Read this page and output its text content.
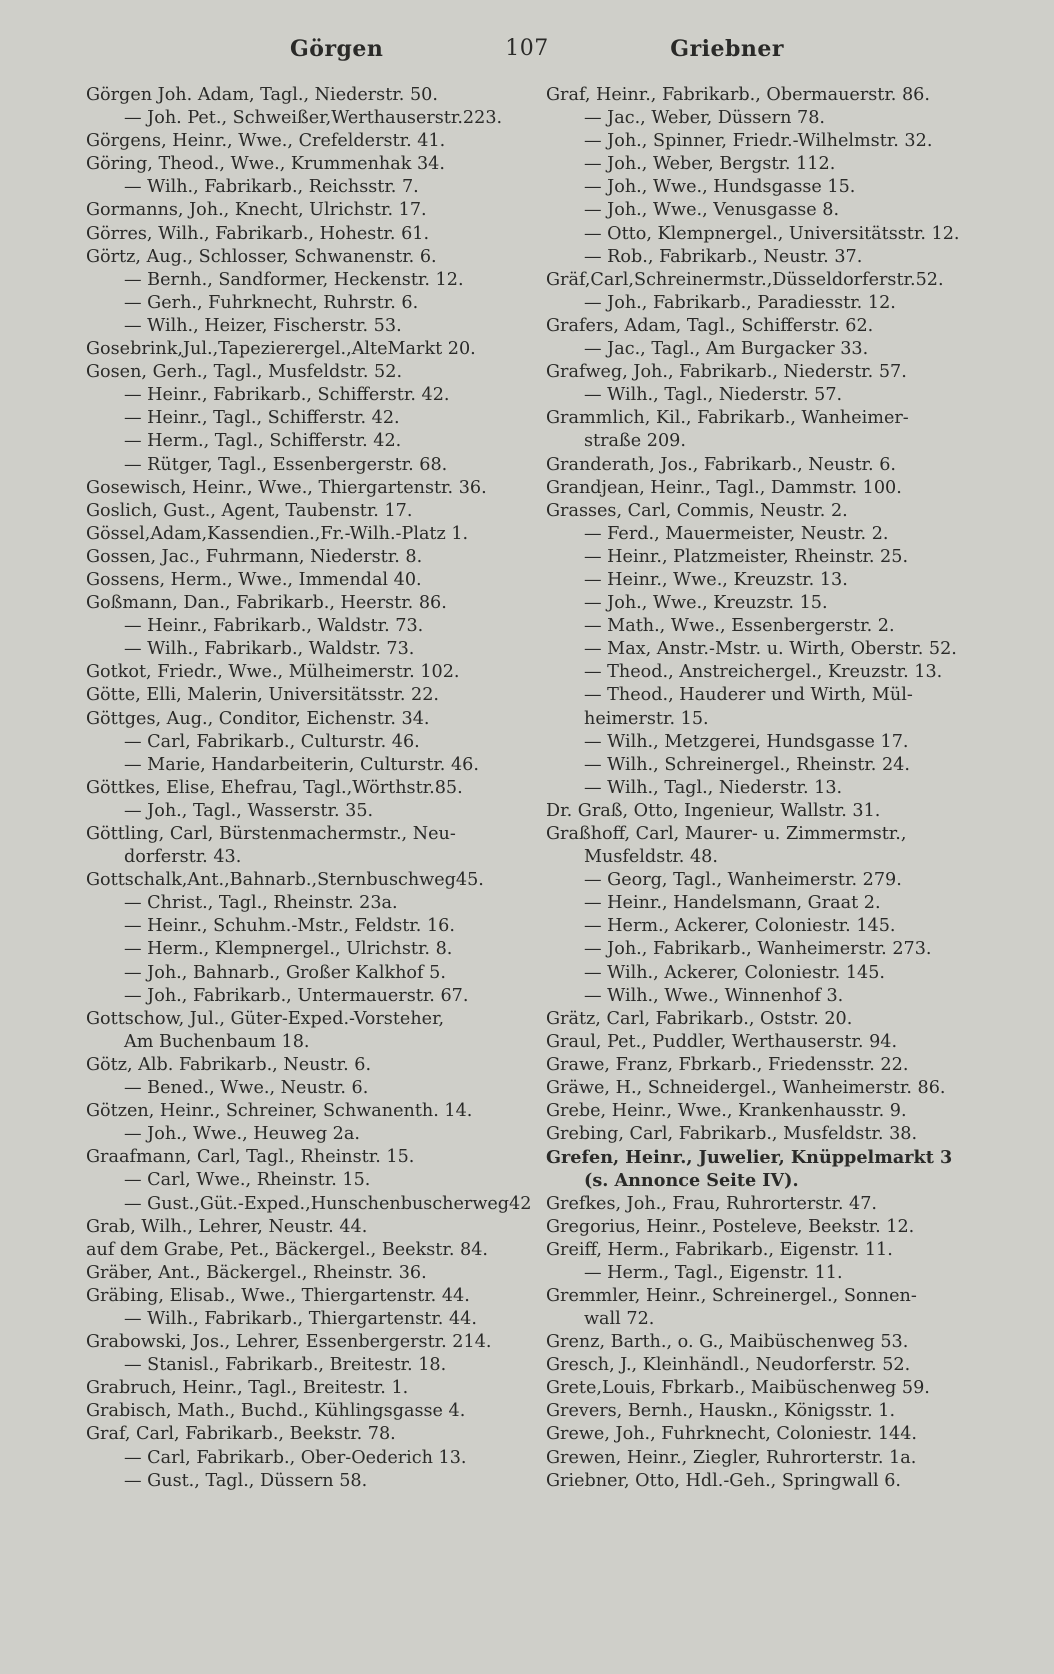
Görgen	107	Griebner
Görgen Joh. Adam, Tagl., Niederstr. 50.
— Joh. Pet., Schweißer,Werthauserstr.223.
Görgens, Heinr., Wwe., Crefelderstr. 41.
Göring, Theod., Wwe., Krummenhak 34.
— Wilh., Fabrikarb., Reichsstr. 7.
Gormanns, Joh., Knecht, Ulrichstr. 17.
Görres, Wilh., Fabrikarb., Hohestr. 61.
Görtz, Aug., Schlosser, Schwanenstr. 6.
— Bernh., Sandformer, Heckenstr. 12.
— Gerh., Fuhrknecht, Ruhrstr. 6.
— Wilh., Heizer, Fischerstr. 53.
Gosebrink,Jul.,Tapezierergel.,AlteMarkt 20.
Gosen, Gerh., Tagl., Musfeldstr. 52.
— Heinr., Fabrikarb., Schifferstr. 42.
— Heinr., Tagl., Schifferstr. 42.
— Herm., Tagl., Schifferstr. 42.
— Rütger, Tagl., Essenbergerstr. 68.
Gosewisch, Heinr., Wwe., Thiergartenstr. 36.
Goslich, Gust., Agent, Taubenstr. 17.
Gössel,Adam,Kassendien.,Fr.-Wilh.-Platz 1.
Gossen, Jac., Fuhrmann, Niederstr. 8.
Gossens, Herm., Wwe., Immendal 40.
Goßmann, Dan., Fabrikarb., Heerstr. 86.
— Heinr., Fabrikarb., Waldstr. 73.
— Wilh., Fabrikarb., Waldstr. 73.
Gotkot, Friedr., Wwe., Mülheimerstr. 102.
Götte, Elli, Malerin, Universitätsstr. 22.
Göttges, Aug., Conditor, Eichenstr. 34.
— Carl, Fabrikarb., Culturstr. 46.
— Marie, Handarbeiterin, Culturstr. 46.
Göttkes, Elise, Ehefrau, Tagl.,Wörthstr.85.
— Joh., Tagl., Wasserstr. 35.
Göttling, Carl, Bürstenmachermstr., Neu-
dorferstr. 43.
Gottschalk,Ant.,Bahnarb.,Sternbuschweg45.
— Christ., Tagl., Rheinstr. 23a.
— Heinr., Schuhm.-Mstr., Feldstr. 16.
— Herm., Klempnergel., Ulrichstr. 8.
— Joh., Bahnarb., Großer Kalkhof 5.
— Joh., Fabrikarb., Untermauerstr. 67.
Gottschow, Jul., Güter-Exped.-Vorsteher,
Am Buchenbaum 18.
Götz, Alb. Fabrikarb., Neustr. 6.
— Bened., Wwe., Neustr. 6.
Götzen, Heinr., Schreiner, Schwanenth. 14.
— Joh., Wwe., Heuweg 2a.
Graafmann, Carl, Tagl., Rheinstr. 15.
— Carl, Wwe., Rheinstr. 15.
— Gust.,Güt.-Exped.,Hunschenbuscherweg42
Grab, Wilh., Lehrer, Neustr. 44.
auf dem Grabe, Pet., Bäckergel., Beekstr. 84.
Gräber, Ant., Bäckergel., Rheinstr. 36.
Gräbing, Elisab., Wwe., Thiergartenstr. 44.
— Wilh., Fabrikarb., Thiergartenstr. 44.
Grabowski, Jos., Lehrer, Essenbergerstr. 214.
— Stanisl., Fabrikarb., Breitestr. 18.
Grabruch, Heinr., Tagl., Breitestr. 1.
Grabisch, Math., Buchd., Kühlingsgasse 4.
Graf, Carl, Fabrikarb., Beekstr. 78.
— Carl, Fabrikarb., Ober-Oederich 13.
— Gust., Tagl., Düssern 58.
Graf, Heinr., Fabrikarb., Obermauerstr. 86.
— Jac., Weber, Düssern 78.
— Joh., Spinner, Friedr.-Wilhelmstr. 32.
— Joh., Weber, Bergstr. 112.
— Joh., Wwe., Hundsgasse 15.
— Joh., Wwe., Venusgasse 8.
— Otto, Klempnergel., Universitätsstr. 12.
— Rob., Fabrikarb., Neustr. 37.
Gräf,Carl,Schreinermstr.,Düsseldorferstr.52.
— Joh., Fabrikarb., Paradiesstr. 12.
Grafers, Adam, Tagl., Schifferstr. 62.
— Jac., Tagl., Am Burgacker 33.
Grafweg, Joh., Fabrikarb., Niederstr. 57.
— Wilh., Tagl., Niederstr. 57.
Grammlich, Kil., Fabrikarb., Wanheimer-
straße 209.
Granderath, Jos., Fabrikarb., Neustr. 6.
Grandjean, Heinr., Tagl., Dammstr. 100.
Grasses, Carl, Commis, Neustr. 2.
— Ferd., Mauermeister, Neustr. 2.
— Heinr., Platzmeister, Rheinstr. 25.
— Heinr., Wwe., Kreuzstr. 13.
— Joh., Wwe., Kreuzstr. 15.
— Math., Wwe., Essenbergerstr. 2.
— Max, Anstr.-Mstr. u. Wirth, Oberstr. 52.
— Theod., Anstreichergel., Kreuzstr. 13.
— Theod., Hauderer und Wirth, Mül-
heimerstr. 15.
— Wilh., Metzgerei, Hundsgasse 17.
— Wilh., Schreinergel., Rheinstr. 24.
— Wilh., Tagl., Niederstr. 13.
Dr. Graß, Otto, Ingenieur, Wallstr. 31.
Graßhoff, Carl, Maurer- u. Zimmermstr.,
Musfeldstr. 48.
— Georg, Tagl., Wanheimerstr. 279.
— Heinr., Handelsmann, Graat 2.
— Herm., Ackerer, Coloniestr. 145.
— Joh., Fabrikarb., Wanheimerstr. 273.
— Wilh., Ackerer, Coloniestr. 145.
— Wilh., Wwe., Winnenhof 3.
Grätz, Carl, Fabrikarb., Oststr. 20.
Graul, Pet., Puddler, Werthauserstr. 94.
Grawe, Franz, Fbrkarb., Friedensstr. 22.
Gräwe, H., Schneidergel., Wanheimerstr. 86.
Grebe, Heinr., Wwe., Krankenhausstr. 9.
Grebing, Carl, Fabrikarb., Musfeldstr. 38.
Grefen, Heinr., Juwelier, Knüppelmarkt 3
(s. Annonce Seite IV).
Grefkes, Joh., Frau, Ruhrorterstr. 47.
Gregorius, Heinr., Posteleve, Beekstr. 12.
Greiff, Herm., Fabrikarb., Eigenstr. 11.
— Herm., Tagl., Eigenstr. 11.
Gremmler, Heinr., Schreinergel., Sonnen-
wall 72.
Grenz, Barth., o. G., Maibüschenweg 53.
Gresch, J., Kleinhändl., Neudorferstr. 52.
Grete,Louis, Fbrkarb., Maibüschenweg 59.
Grevers, Bernh., Hauskn., Königsstr. 1.
Grewe, Joh., Fuhrknecht, Coloniestr. 144.
Grewen, Heinr., Ziegler, Ruhrorterstr. 1a.
Griebner, Otto, Hdl.-Geh., Springwall 6.
